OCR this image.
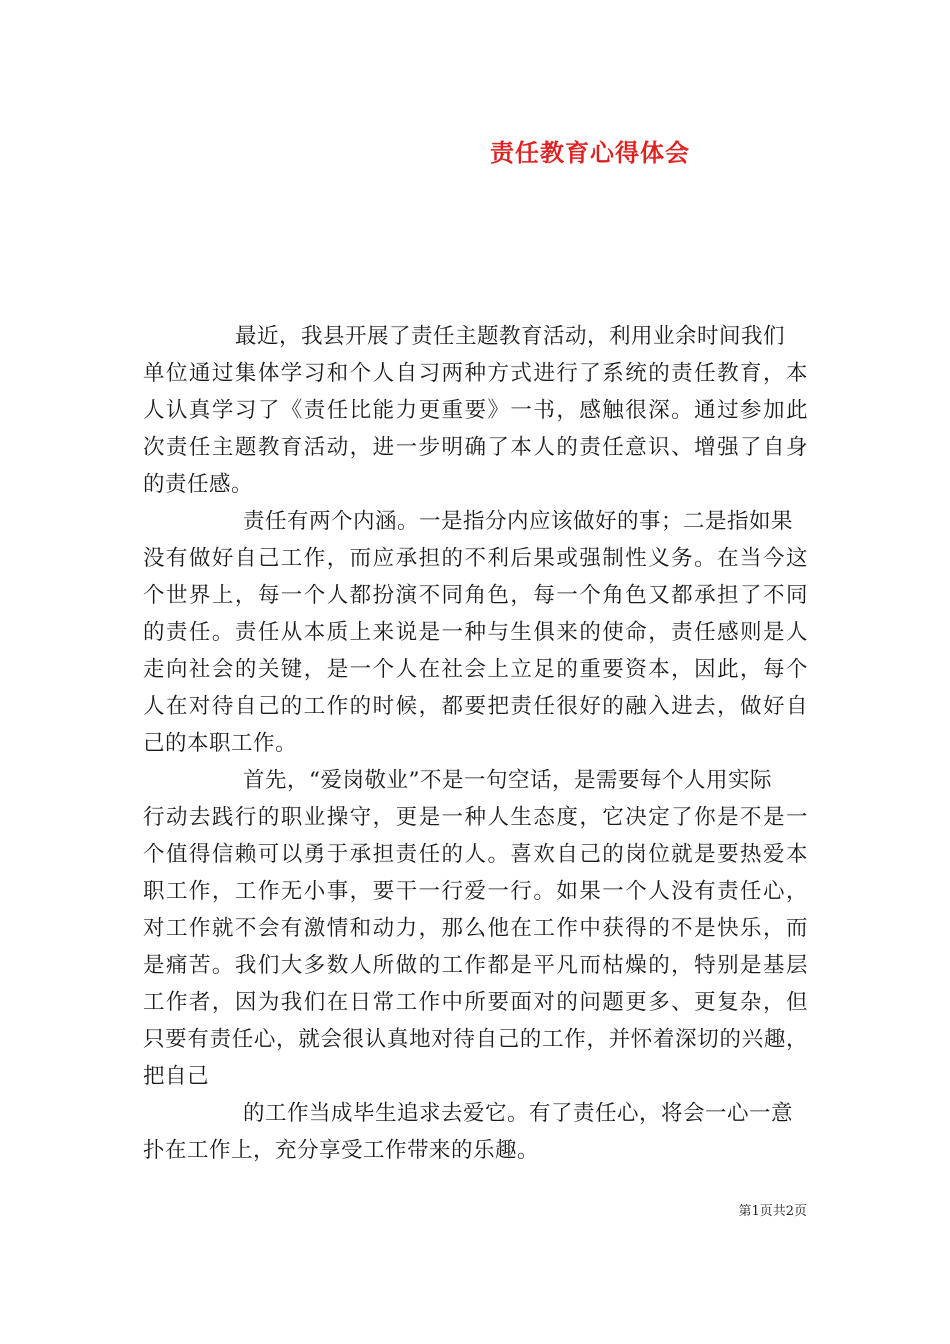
责任教育心得体会
最近，我县开展了责任主题教育活动，利用业余时间我们
单位通过集体学习和个人自习两种方式进行了系统的责任教育，本
人认真学习了《责任比能力更重要》一书，感触很深。通过参加此
次责任主题教育活动，进一步明确了本人的责任意识、增强了自身
的责任感。
责任有两个内涵。一是指分内应该做好的事；二是指如果
没有做好自己工作，而应承担的不利后果或强制性义务。在当今这
个世界上，每一个人都扮演不同角色，每一个角色又都承担了不同
的责任。责任从本质上来说是一种与生俱来的使命，责任感则是人
走向社会的关键，是一个人在社会上立足的重要资本，因此，每个
人在对待自己的工作的时候，都要把责任很好的融入进去，做好自
己的本职工作。
首先，“爱岗敬业”不是一句空话，是需要每个人用实际
行动去践行的职业操守，更是一种人生态度，它决定了你是不是一
个值得信赖可以勇于承担责任的人。喜欢自己的岗位就是要热爱本
职工作，工作无小事，要干一行爱一行。如果一个人没有责任心，
对工作就不会有激情和动力，那么他在工作中获得的不是快乐，而
是痛苦。我们大多数人所做的工作都是平凡而枯燥的，特别是基层
工作者，因为我们在日常工作中所要面对的问题更多、更复杂，但
只要有责任心，就会很认真地对待自己的工作，并怀着深切的兴趣，
把自己
的工作当成毕生追求去爱它。有了责任心，将会一心一意
扑在工作上，充分享受工作带来的乐趣。
第1页共2页
